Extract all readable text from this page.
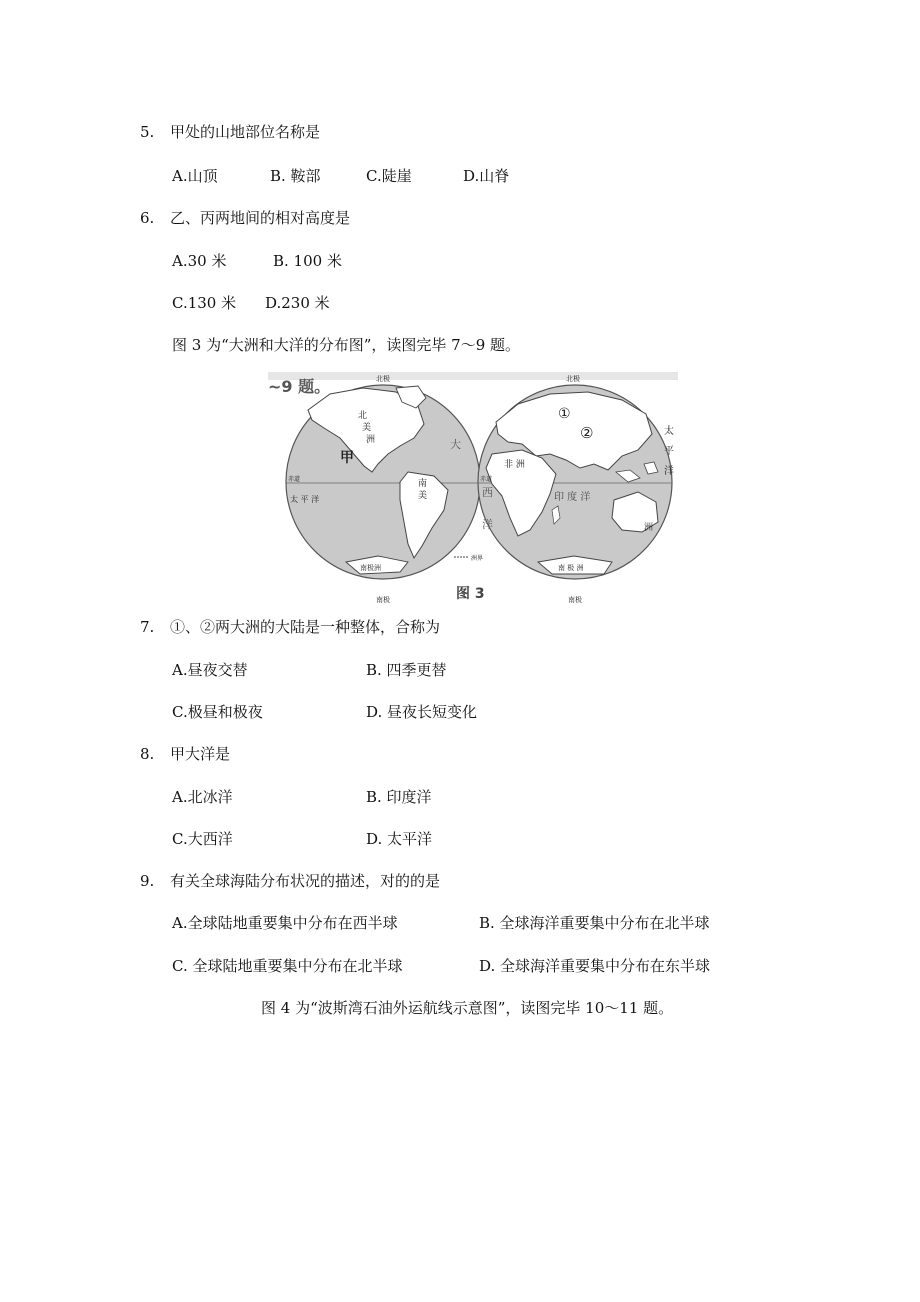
5. 甲处的山地部位名称是
A.山顶	B. 鞍部	C.陡崖	D.山脊
6. 乙、丙两地间的相对高度是
A.30 米	B. 100 米
C.130 米 D.230 米
图 3 为“大洲和大洋的分布图”，读图完毕 7～9 题。
~9 题。	北极	北极
南极	南极
赤道	赤道
甲
①
②
北
美
洲
南
美
非 洲
南极洲	南 极 洲
太 平 洋
太
平
洋
大
西
洋
印 度 洋
洲
洲界
图 3
7. ①、②两大洲的大陆是一种整体，合称为
A.昼夜交替	B. 四季更替
C.极昼和极夜	D. 昼夜长短变化
8. 甲大洋是
A.北冰洋	B. 印度洋
C.大西洋	D. 太平洋
9. 有关全球海陆分布状况的描述，对的的是
A.全球陆地重要集中分布在西半球	B. 全球海洋重要集中分布在北半球
C. 全球陆地重要集中分布在北半球	D. 全球海洋重要集中分布在东半球
图 4 为“波斯湾石油外运航线示意图”，读图完毕 10～11 题。
